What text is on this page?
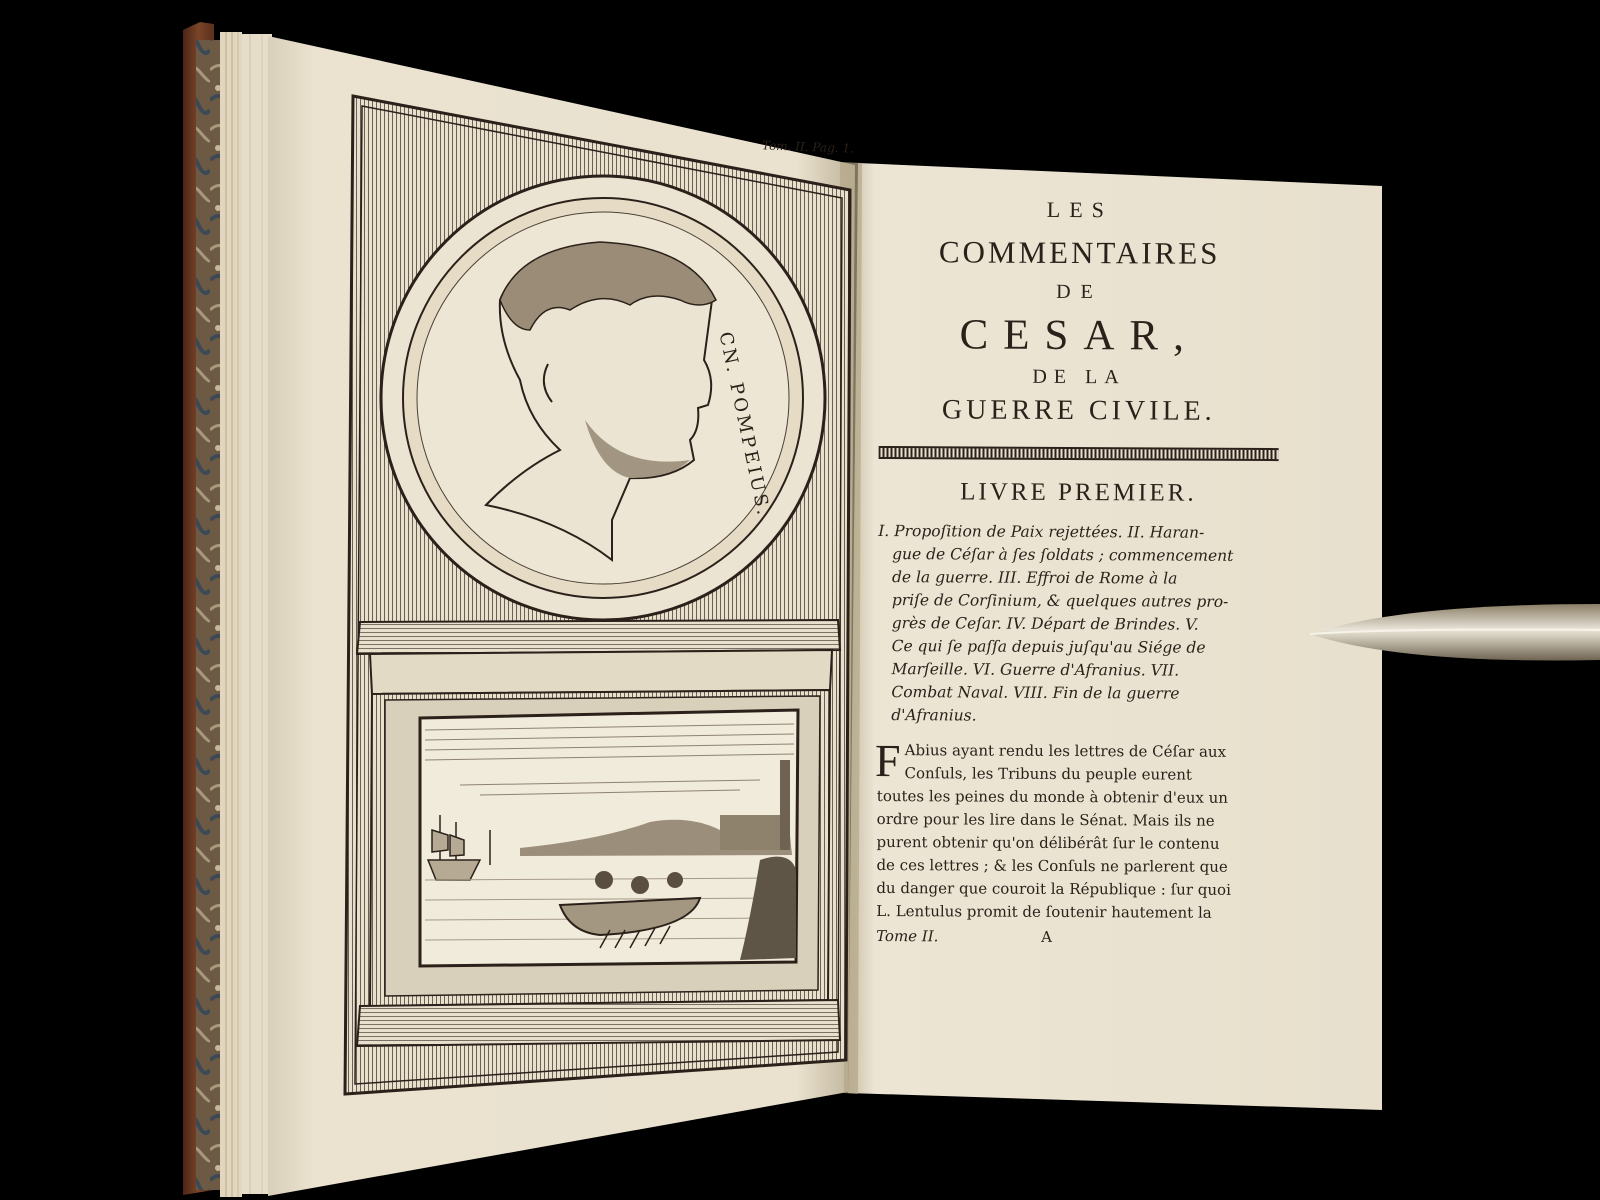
Tom. II. Pag. 1.
CN. POMPEIUS.

LES

COMMENTAIRES

DE

CESAR,

DE LA

GUERRE CIVILE.

LIVRE PREMIER.

I. Propoſition de Paix rejettées. II. Haran-
gue de Céſar à ſes ſoldats ; commencement
de la guerre. III. Effroi de Rome à la
priſe de Corſinium, & quelques autres pro-
grès de Ceſar. IV. Départ de Brindes. V.
Ce qui ſe paſſa depuis juſqu'au Siége de
Marſeille. VI. Guerre d'Afranius. VII.
Combat Naval. VIII. Fin de la guerre
d'Afranius.
F Abius ayant rendu les lettres de Céſar aux
Conſuls, les Tribuns du peuple eurent
toutes les peines du monde à obtenir d'eux un
ordre pour les lire dans le Sénat. Mais ils ne
purent obtenir qu'on délibérât ſur le contenu
de ces lettres ; & les Conſuls ne parlerent que
du danger que couroit la République : ſur quoi
L. Lentulus promit de ſoutenir hautement la
Tome II.	A
